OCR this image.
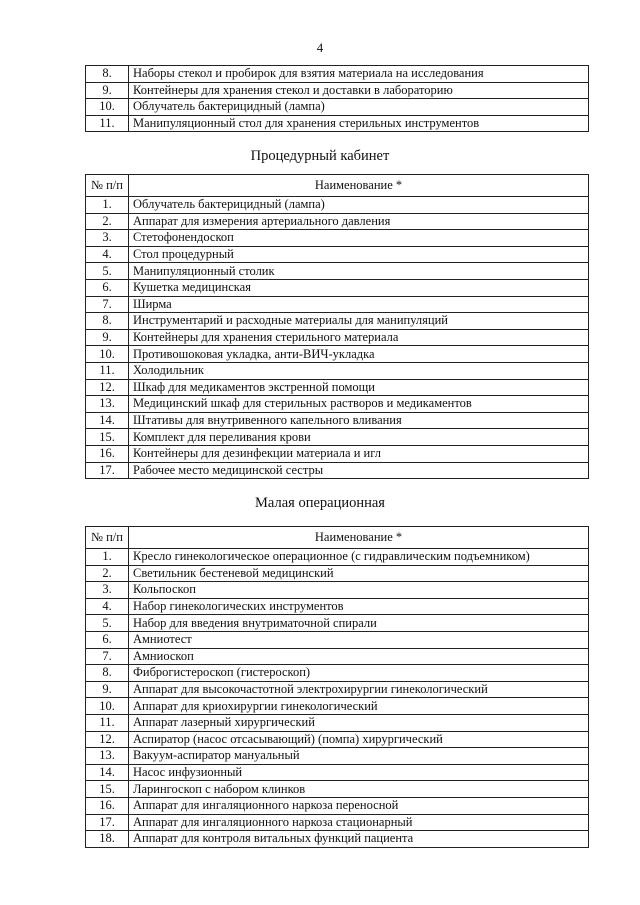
4
8.	Наборы стекол и пробирок для взятия материала на исследования
9.	Контейнеры для хранения стекол и доставки в лабораторию
10.	Облучатель бактерицидный (лампа)
11.	Манипуляционный стол для хранения стерильных инструментов
Процедурный кабинет
№ п/п	Наименование *
1.	Облучатель бактерицидный (лампа)
2.	Аппарат для измерения артериального давления
3.	Стетофонендоскоп
4.	Стол процедурный
5.	Манипуляционный столик
6.	Кушетка медицинская
7.	Ширма
8.	Инструментарий и расходные материалы для манипуляций
9.	Контейнеры для хранения стерильного материала
10.	Противошоковая укладка, анти-ВИЧ-укладка
11.	Холодильник
12.	Шкаф для медикаментов экстренной помощи
13.	Медицинский шкаф для стерильных растворов и медикаментов
14.	Штативы для внутривенного капельного вливания
15.	Комплект для переливания крови
16.	Контейнеры для дезинфекции материала и игл
17.	Рабочее место медицинской сестры
Малая операционная
№ п/п	Наименование *
1.	Кресло гинекологическое операционное (с гидравлическим подъемником)
2.	Светильник бестеневой медицинский
3.	Кольпоскоп
4.	Набор гинекологических инструментов
5.	Набор для введения внутриматочной спирали
6.	Амниотест
7.	Амниоскоп
8.	Фиброгистероскоп (гистероскоп)
9.	Аппарат для высокочастотной электрохирургии гинекологический
10.	Аппарат для криохирургии гинекологический
11.	Аппарат лазерный хирургический
12.	Аспиратор (насос отсасывающий) (помпа) хирургический
13.	Вакуум-аспиратор мануальный
14.	Насос инфузионный
15.	Ларингоскоп с набором клинков
16.	Аппарат для ингаляционного наркоза переносной
17.	Аппарат для ингаляционного наркоза стационарный
18.	Аппарат для контроля витальных функций пациента
